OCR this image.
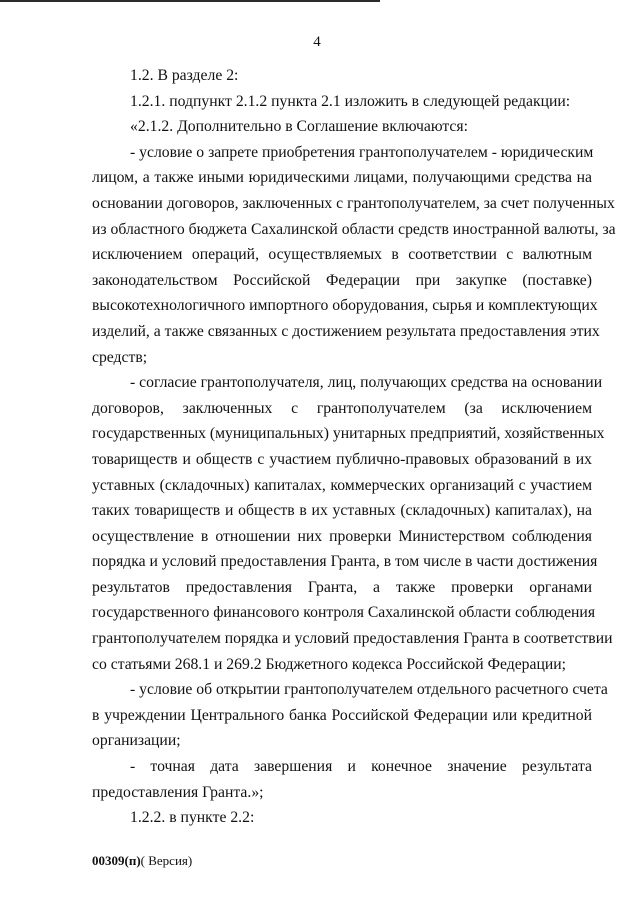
4
1.2. В разделе 2:
1.2.1. подпункт 2.1.2 пункта 2.1 изложить в следующей редакции:
«2.1.2. Дополнительно в Соглашение включаются:
- условие о запрете приобретения грантополучателем - юридическим
лицом, а также иными юридическими лицами, получающими средства на
основании договоров, заключенных с грантополучателем, за счет полученных
из областного бюджета Сахалинской области средств иностранной валюты, за
исключением операций, осуществляемых в соответствии с валютным
законодательством Российской Федерации при закупке (поставке)
высокотехнологичного импортного оборудования, сырья и комплектующих
изделий, а также связанных с достижением результата предоставления этих
средств;
- согласие грантополучателя, лиц, получающих средства на основании
договоров, заключенных с грантополучателем (за исключением
государственных (муниципальных) унитарных предприятий, хозяйственных
товариществ и обществ с участием публично-правовых образований в их
уставных (складочных) капиталах, коммерческих организаций с участием
таких товариществ и обществ в их уставных (складочных) капиталах), на
осуществление в отношении них проверки Министерством соблюдения
порядка и условий предоставления Гранта, в том числе в части достижения
результатов предоставления Гранта, а также проверки органами
государственного финансового контроля Сахалинской области соблюдения
грантополучателем порядка и условий предоставления Гранта в соответствии
со статьями 268.1 и 269.2 Бюджетного кодекса Российской Федерации;
- условие об открытии грантополучателем отдельного расчетного счета
в учреждении Центрального банка Российской Федерации или кредитной
организации;
- точная дата завершения и конечное значение результата
предоставления Гранта.»;
1.2.2. в пункте 2.2:
00309(п)( Версия)
